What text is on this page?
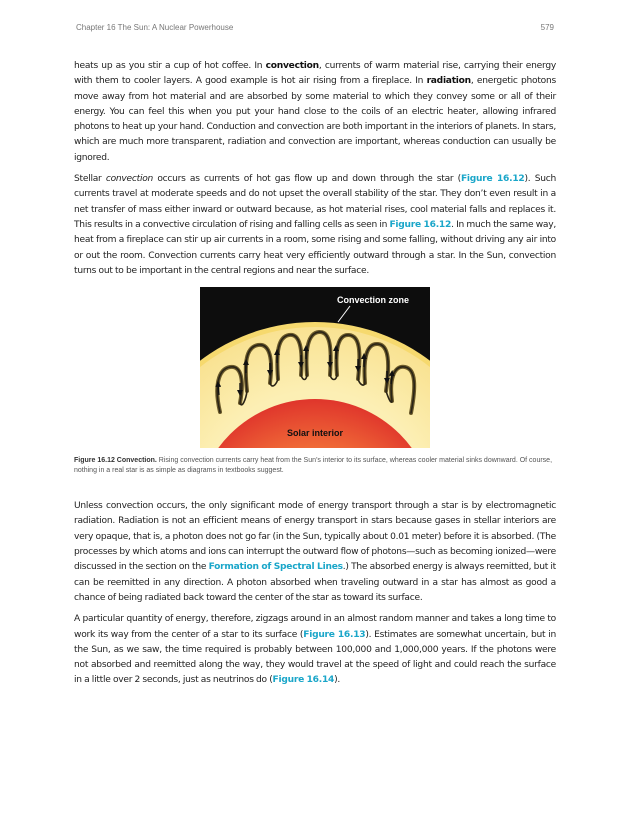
Chapter 16 The Sun: A Nuclear Powerhouse	579

heats up as you stir a cup of hot coffee. In convection, currents of warm material rise, carrying their energy with them to cooler layers. A good example is hot air rising from a fireplace. In radiation, energetic photons move away from hot material and are absorbed by some material to which they convey some or all of their energy. You can feel this when you put your hand close to the coils of an electric heater, allowing infrared photons to heat up your hand. Conduction and convection are both important in the interiors of planets. In stars, which are much more transparent, radiation and convection are important, whereas conduction can usually be ignored.

Stellar convection occurs as currents of hot gas flow up and down through the star (Figure 16.12). Such currents travel at moderate speeds and do not upset the overall stability of the star. They don’t even result in a net transfer of mass either inward or outward because, as hot material rises, cool material falls and replaces it. This results in a convective circulation of rising and falling cells as seen in Figure 16.12. In much the same way, heat from a fireplace can stir up air currents in a room, some rising and some falling, without driving any air into or out the room. Convection currents carry heat very efficiently outward through a star. In the Sun, convection turns out to be important in the central regions and near the surface.

Convection zone
Solar interior
Figure 16.12 Convection. Rising convection currents carry heat from the Sun’s interior to its surface, whereas cooler material sinks downward. Of course, nothing in a real star is as simple as diagrams in textbooks suggest.

Unless convection occurs, the only significant mode of energy transport through a star is by electromagnetic radiation. Radiation is not an efficient means of energy transport in stars because gases in stellar interiors are very opaque, that is, a photon does not go far (in the Sun, typically about 0.01 meter) before it is absorbed. (The processes by which atoms and ions can interrupt the outward flow of photons—such as becoming ionized—were discussed in the section on the Formation of Spectral Lines.) The absorbed energy is always reemitted, but it can be reemitted in any direction. A photon absorbed when traveling outward in a star has almost as good a chance of being radiated back toward the center of the star as toward its surface.

A particular quantity of energy, therefore, zigzags around in an almost random manner and takes a long time to work its way from the center of a star to its surface (Figure 16.13). Estimates are somewhat uncertain, but in the Sun, as we saw, the time required is probably between 100,000 and 1,000,000 years. If the photons were not absorbed and reemitted along the way, they would travel at the speed of light and could reach the surface in a little over 2 seconds, just as neutrinos do (Figure 16.14).
